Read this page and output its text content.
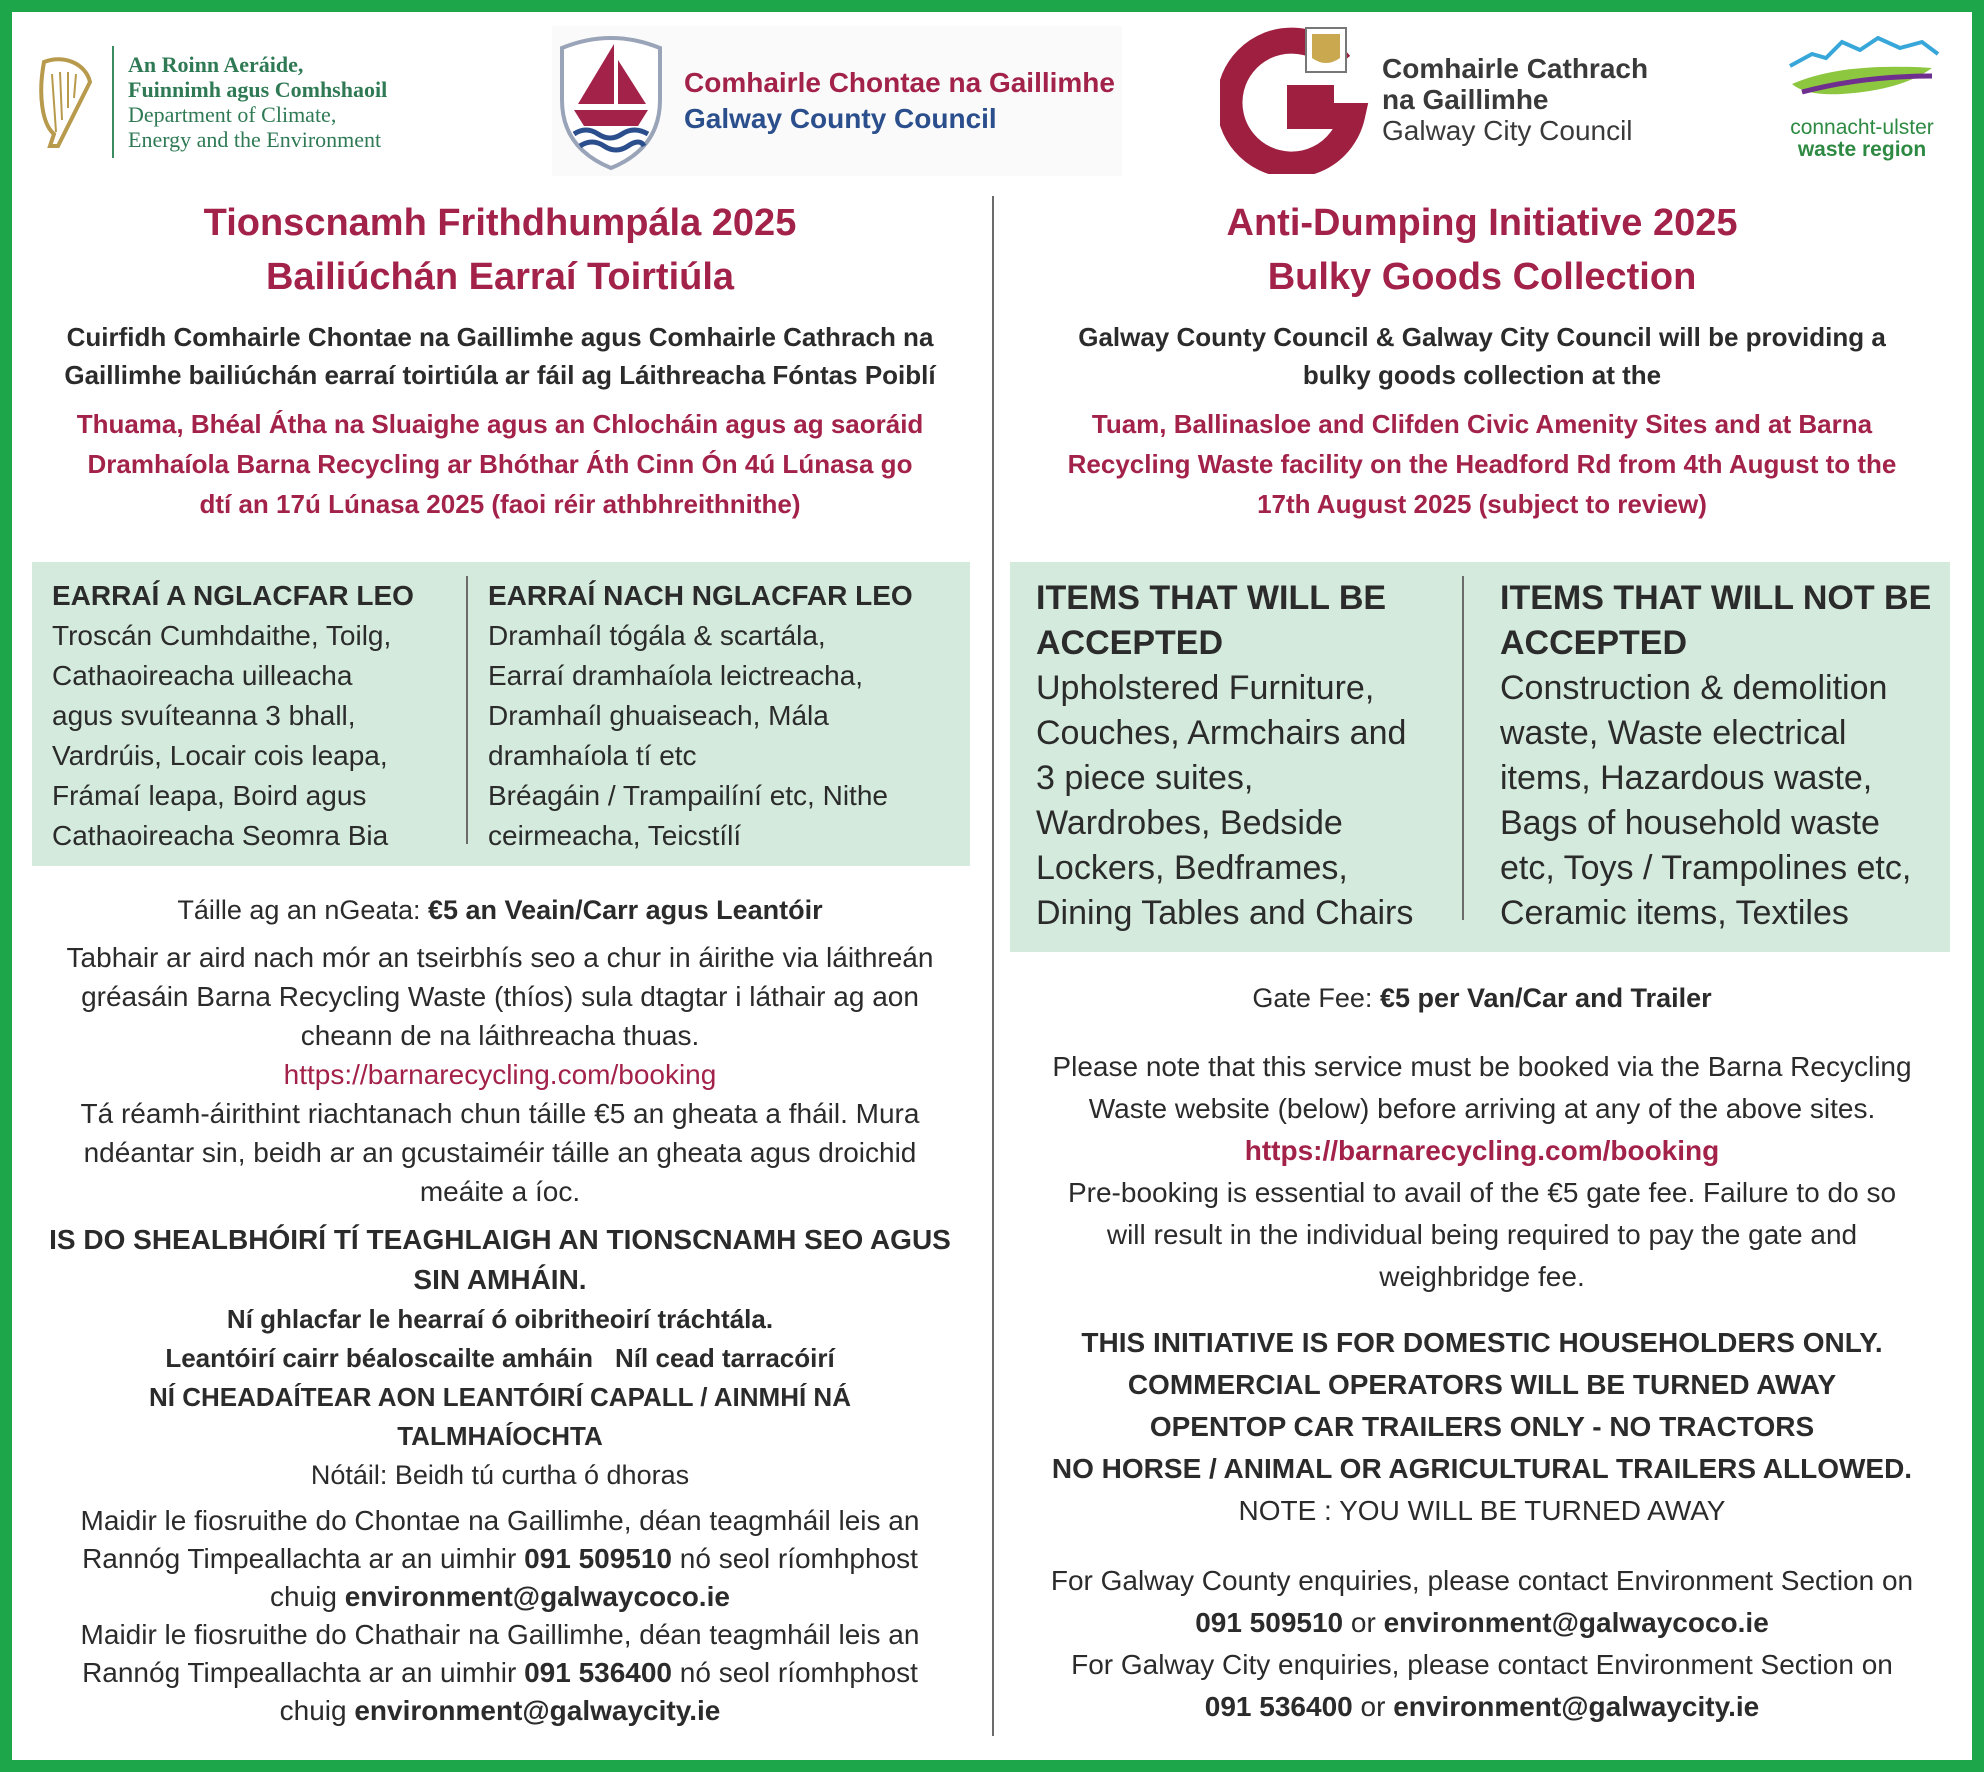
An Roinn Aeráide,
Fuinnimh agus Comhshaoil
Department of Climate,
Energy and the Environment
Comhairle Chontae na Gaillimhe
Galway County Council
Comhairle Cathrach
na Gaillimhe
Galway City Council	connacht-ulster
waste region
Tionscnamh Frithdhumpála 2025
Bailiúchán Earraí Toirtiúla
Cuirfidh Comhairle Chontae na Gaillimhe agus Comhairle Cathrach na
Gaillimhe bailiúchán earraí toirtiúla ar fáil ag Láithreacha Fóntas Poiblí
Thuama, Bhéal Átha na Sluaighe agus an Chlocháin agus ag saoráid
Dramhaíola Barna Recycling ar Bhóthar Áth Cinn Ón 4ú Lúnasa go
dtí an 17ú Lúnasa 2025 (faoi réir athbhreithnithe)
Anti-Dumping Initiative 2025
Bulky Goods Collection
Galway County Council & Galway City Council will be providing a
bulky goods collection at the
Tuam, Ballinasloe and Clifden Civic Amenity Sites and at Barna
Recycling Waste facility on the Headford Rd from 4th August to the
17th August 2025 (subject to review)
EARRAÍ A NGLACFAR LEO
Troscán Cumhdaithe, Toilg,
Cathaoireacha uilleacha
agus svuíteanna 3 bhall,
Vardrúis, Locair cois leapa,
Frámaí leapa, Boird agus
Cathaoireacha Seomra Bia
EARRAÍ NACH NGLACFAR LEO
Dramhaíl tógála & scartála,
Earraí dramhaíola leictreacha,
Dramhaíl ghuaiseach, Mála
dramhaíola tí etc
Bréagáin / Trampailíní etc, Nithe
ceirmeacha, Teicstílí
ITEMS THAT WILL BE
ACCEPTED
Upholstered Furniture,
Couches, Armchairs and
3 piece suites,
Wardrobes, Bedside
Lockers, Bedframes,
Dining Tables and Chairs
ITEMS THAT WILL NOT BE
ACCEPTED
Construction & demolition
waste, Waste electrical
items, Hazardous waste,
Bags of household waste
etc, Toys / Trampolines etc,
Ceramic items, Textiles
Táille ag an nGeata: €5 an Veain/Carr agus Leantóir
Tabhair ar aird nach mór an tseirbhís seo a chur in áirithe via láithreán
gréasáin Barna Recycling Waste (thíos) sula dtagtar i láthair ag aon
cheann de na láithreacha thuas.
https://barnarecycling.com/booking
Tá réamh-áirithint riachtanach chun táille €5 an gheata a fháil. Mura
ndéantar sin, beidh ar an gcustaiméir táille an gheata agus droichid
meáite a íoc.
IS DO SHEALBHÓIRÍ TÍ TEAGHLAIGH AN TIONSCNAMH SEO AGUS
SIN AMHÁIN.
Ní ghlacfar le hearraí ó oibritheoirí tráchtála.
Leantóirí cairr béaloscailte amháin Níl cead tarracóirí
NÍ CHEADAÍTEAR AON LEANTÓIRÍ CAPALL / AINMHÍ NÁ
TALMHAÍOCHTA
Nótáil: Beidh tú curtha ó dhoras
Maidir le fiosruithe do Chontae na Gaillimhe, déan teagmháil leis an
Rannóg Timpeallachta ar an uimhir 091 509510 nó seol ríomhphost
chuig environment@galwaycoco.ie
Maidir le fiosruithe do Chathair na Gaillimhe, déan teagmháil leis an
Rannóg Timpeallachta ar an uimhir 091 536400 nó seol ríomhphost
chuig environment@galwaycity.ie
Gate Fee: €5 per Van/Car and Trailer
Please note that this service must be booked via the Barna Recycling
Waste website (below) before arriving at any of the above sites.
https://barnarecycling.com/booking
Pre-booking is essential to avail of the €5 gate fee. Failure to do so
will result in the individual being required to pay the gate and
weighbridge fee.
THIS INITIATIVE IS FOR DOMESTIC HOUSEHOLDERS ONLY.
COMMERCIAL OPERATORS WILL BE TURNED AWAY
OPENTOP CAR TRAILERS ONLY - NO TRACTORS
NO HORSE / ANIMAL OR AGRICULTURAL TRAILERS ALLOWED.
NOTE : YOU WILL BE TURNED AWAY
For Galway County enquiries, please contact Environment Section on
091 509510 or environment@galwaycoco.ie
For Galway City enquiries, please contact Environment Section on
091 536400 or environment@galwaycity.ie
